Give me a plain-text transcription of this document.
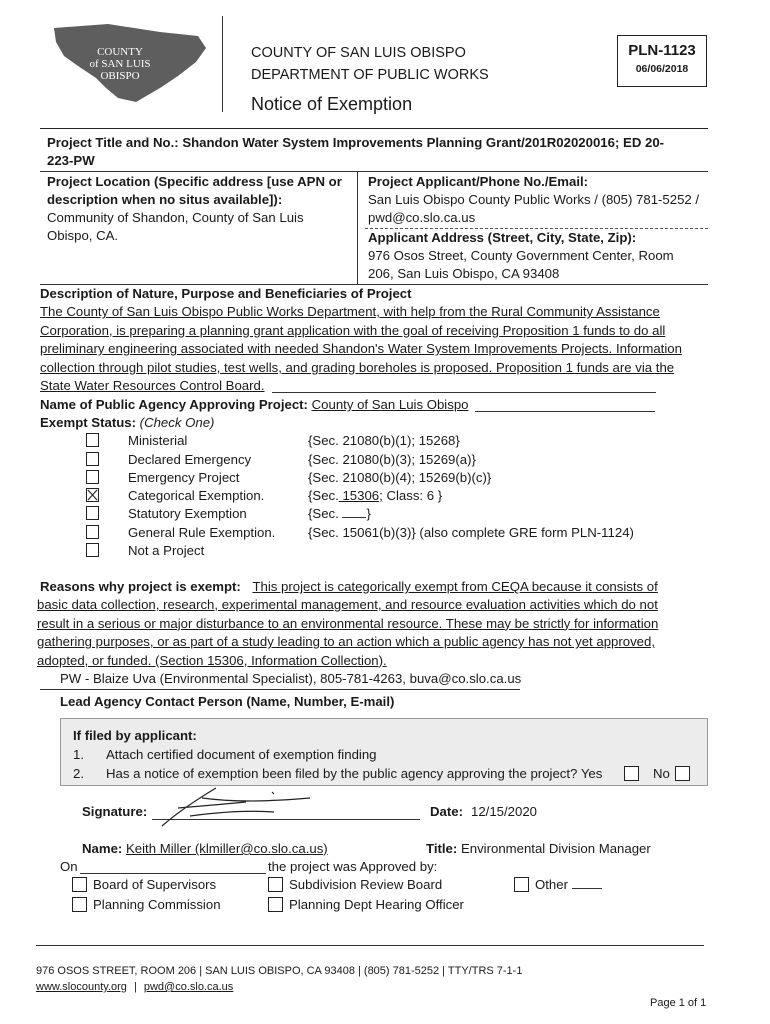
COUNTY
of SAN LUIS
OBISPO
COUNTY OF SAN LUIS OBISPO
DEPARTMENT OF PUBLIC WORKS
Notice of Exemption
PLN-1123
06/06/2018
Project Title and No.: Shandon Water System Improvements Planning Grant/201R02020016; ED 20-
223-PW
Project Location (Specific address [use APN or
description when no situs available]):
Community of Shandon, County of San Luis
Obispo, CA.
Project Applicant/Phone No./Email:
San Luis Obispo County Public Works / (805) 781-5252 /
pwd@co.slo.ca.us
Applicant Address (Street, City, State, Zip):
976 Osos Street, County Government Center, Room
206, San Luis Obispo, CA 93408
Description of Nature, Purpose and Beneficiaries of Project
The County of San Luis Obispo Public Works Department, with help from the Rural Community Assistance
Corporation, is preparing a planning grant application with the goal of receiving Proposition 1 funds to do all
preliminary engineering associated with needed Shandon's Water System Improvements Projects. Information
collection through pilot studies, test wells, and grading boreholes is proposed. Proposition 1 funds are via the
State Water Resources Control Board.
Name of Public Agency Approving Project: County of San Luis Obispo
Exempt Status: (Check One)
Ministerial	{Sec. 21080(b)(1); 15268}
Declared Emergency	{Sec. 21080(b)(3); 15269(a)}
Emergency Project	{Sec. 21080(b)(4); 15269(b)(c)}
Categorical Exemption.	{Sec. 15306; Class: 6 }
Statutory Exemption	{Sec. }
General Rule Exemption. {Sec. 15061(b)(3)} (also complete GRE form PLN-1124)
Not a Project
Reasons why project is exempt: This project is categorically exempt from CEQA because it consists of
basic data collection, research, experimental management, and resource evaluation activities which do not
result in a serious or major disturbance to an environmental resource. These may be strictly for information
gathering purposes, or as part of a study leading to an action which a public agency has not yet approved,
adopted, or funded. (Section 15306, Information Collection).
PW - Blaize Uva (Environmental Specialist), 805-781-4263, buva@co.slo.ca.us
Lead Agency Contact Person (Name, Number, E-mail)
If filed by applicant:
1. Attach certified document of exemption finding
2. Has a notice of exemption been filed by the public agency approving the project? Yes	No
Signature:	Date: 12/15/2020
Name: Keith Miller (klmiller@co.slo.ca.us)	Title: Environmental Division Manager
On	the project was Approved by:
Board of Supervisors
Planning Commission
Subdivision Review Board
Planning Dept Hearing Officer
Other
976 OSOS STREET, ROOM 206 | SAN LUIS OBISPO, CA 93408 | (805) 781-5252 | TTY/TRS 7-1-1
www.slocounty.org | pwd@co.slo.ca.us
Page 1 of 1
